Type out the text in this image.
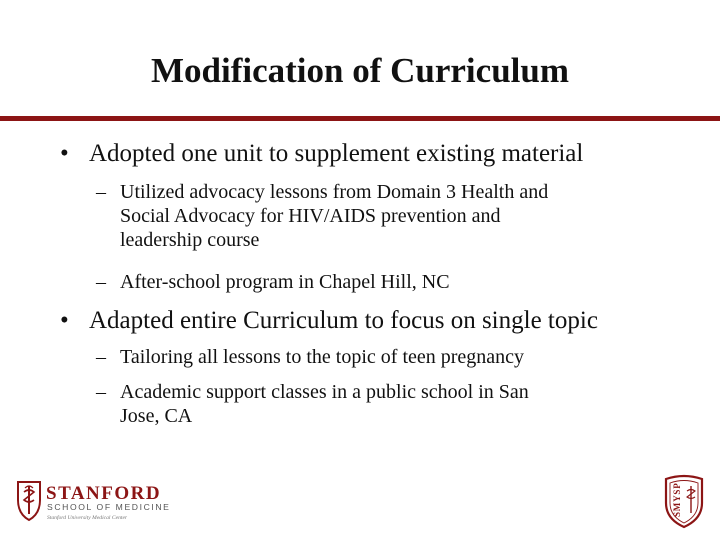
Modification of Curriculum
• Adopted one unit to supplement existing material
– Utilized advocacy lessons from Domain 3 Health and
Social Advocacy for HIV/AIDS prevention and
leadership course
– After-school program in Chapel Hill, NC
• Adapted entire Curriculum to focus on single topic
– Tailoring all lessons to the topic of teen pregnancy
– Academic support classes in a public school in San
Jose, CA
STANFORD
SCHOOL OF MEDICINE
Stanford University Medical Center
SMYSP
